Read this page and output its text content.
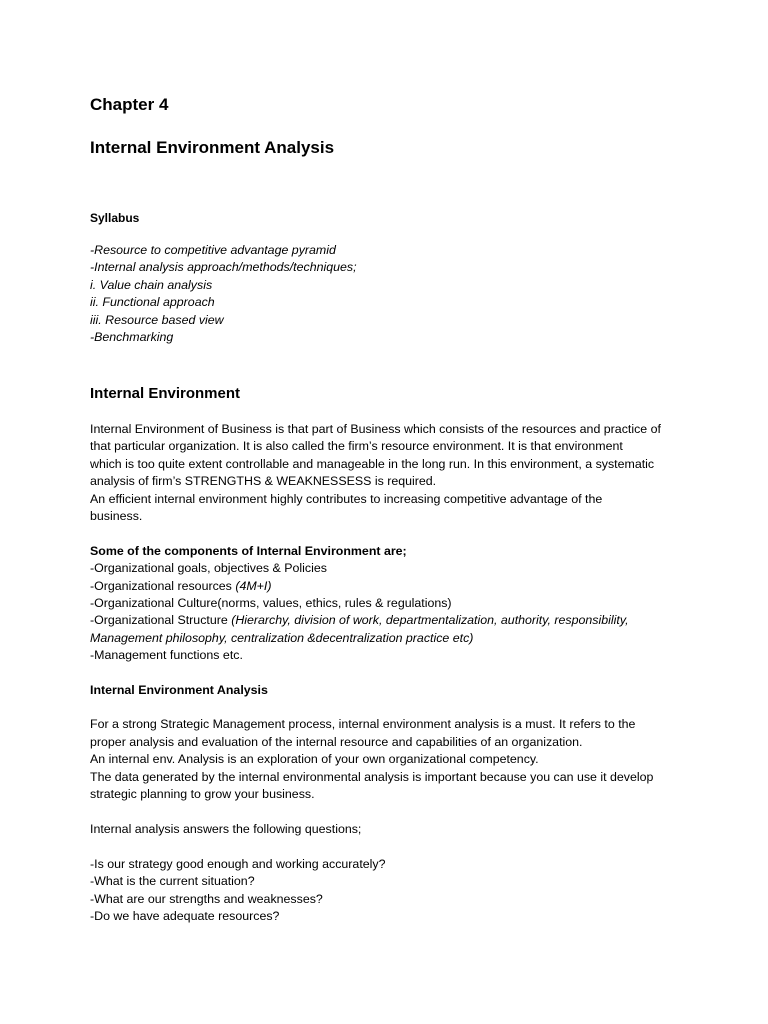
Chapter 4
Internal Environment Analysis
Syllabus
-Resource to competitive advantage pyramid
-Internal analysis approach/methods/techniques;
i. Value chain analysis
ii. Functional approach
iii. Resource based view
-Benchmarking
Internal Environment
Internal Environment of Business is that part of Business which consists of the resources and practice of
that particular organization. It is also called the firm’s resource environment. It is that environment
which is too quite extent controllable and manageable in the long run. In this environment, a systematic
analysis of firm’s STRENGTHS & WEAKNESSESS is required.
An efficient internal environment highly contributes to increasing competitive advantage of the
business.
Some of the components of Internal Environment are;
-Organizational goals, objectives & Policies
-Organizational resources (4M+I)
-Organizational Culture(norms, values, ethics, rules & regulations)
-Organizational Structure (Hierarchy, division of work, departmentalization, authority, responsibility,
Management philosophy, centralization &decentralization practice etc)
-Management functions etc.
Internal Environment Analysis
For a strong Strategic Management process, internal environment analysis is a must. It refers to the
proper analysis and evaluation of the internal resource and capabilities of an organization.
An internal env. Analysis is an exploration of your own organizational competency.
The data generated by the internal environmental analysis is important because you can use it develop
strategic planning to grow your business.
Internal analysis answers the following questions;
-Is our strategy good enough and working accurately?
-What is the current situation?
-What are our strengths and weaknesses?
-Do we have adequate resources?
